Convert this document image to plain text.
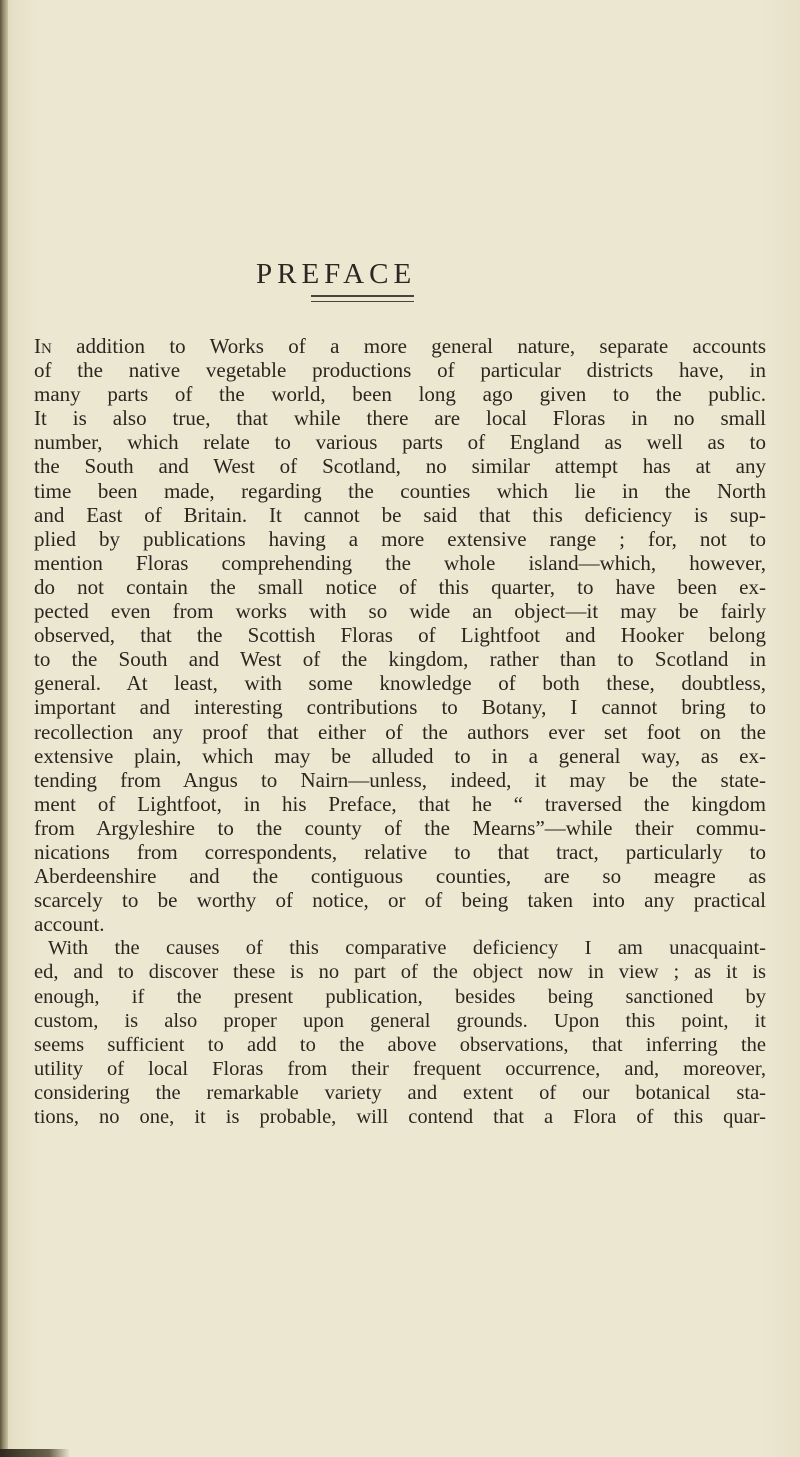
PREFACE
In addition to Works of a more general nature, separate accounts
of the native vegetable productions of particular districts have, in
many parts of the world, been long ago given to the public.
It is also true, that while there are local Floras in no small
number, which relate to various parts of England as well as to
the South and West of Scotland, no similar attempt has at any
time been made, regarding the counties which lie in the North
and East of Britain. It cannot be said that this deficiency is sup-
plied by publications having a more extensive range ; for, not to
mention Floras comprehending the whole island—which, however,
do not contain the small notice of this quarter, to have been ex-
pected even from works with so wide an object—it may be fairly
observed, that the Scottish Floras of Lightfoot and Hooker belong
to the South and West of the kingdom, rather than to Scotland in
general. At least, with some knowledge of both these, doubtless,
important and interesting contributions to Botany, I cannot bring to
recollection any proof that either of the authors ever set foot on the
extensive plain, which may be alluded to in a general way, as ex-
tending from Angus to Nairn—unless, indeed, it may be the state-
ment of Lightfoot, in his Preface, that he “ traversed the kingdom
from Argyleshire to the county of the Mearns”—while their commu-
nications from correspondents, relative to that tract, particularly to
Aberdeenshire and the contiguous counties, are so meagre as
scarcely to be worthy of notice, or of being taken into any practical
account.
With the causes of this comparative deficiency I am unacquaint-
ed, and to discover these is no part of the object now in view ; as it is
enough, if the present publication, besides being sanctioned by
custom, is also proper upon general grounds. Upon this point, it
seems sufficient to add to the above observations, that inferring the
utility of local Floras from their frequent occurrence, and, moreover,
considering the remarkable variety and extent of our botanical sta-
tions, no one, it is probable, will contend that a Flora of this quar-
